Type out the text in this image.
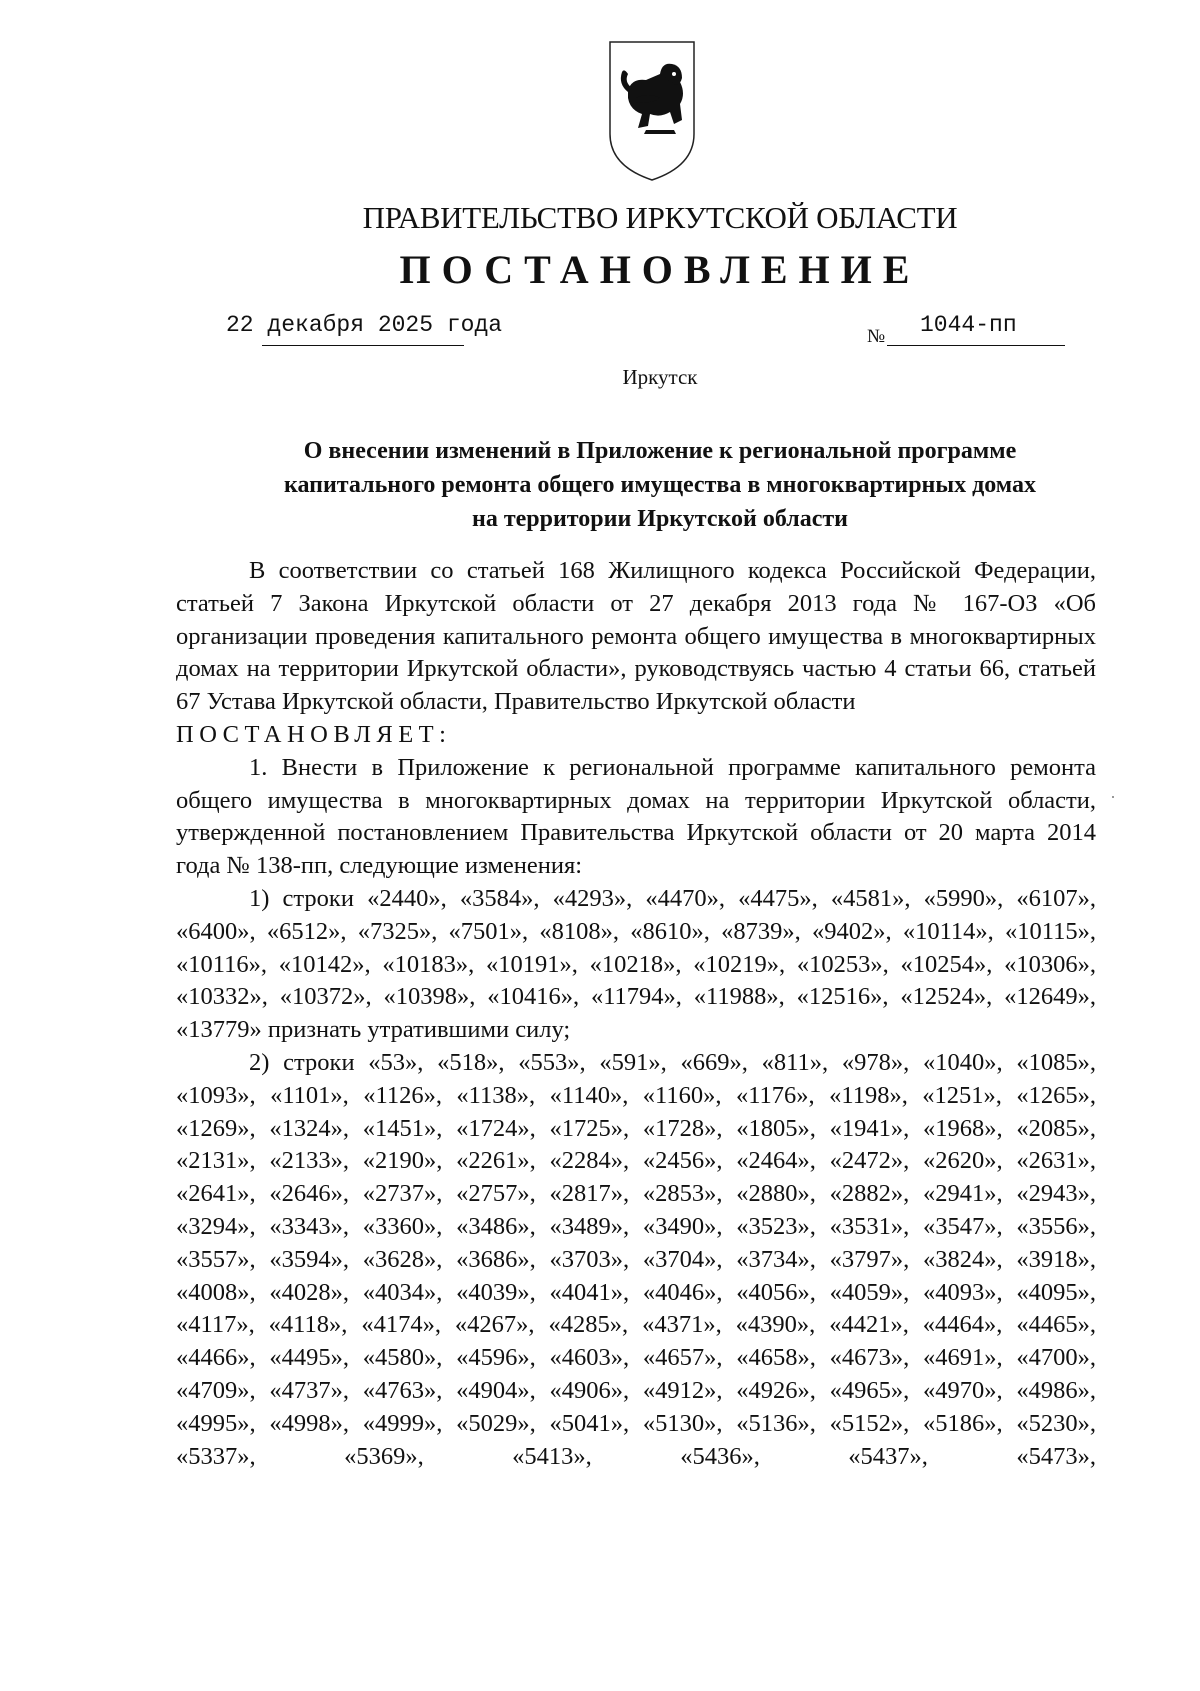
ПРАВИТЕЛЬСТВО ИРКУТСКОЙ ОБЛАСТИ
ПОСТАНОВЛЕНИЕ
22 декабря 2025 года	№ 1044-пп
Иркутск
О внесении изменений в Приложение к региональной программе
капитального ремонта общего имущества в многоквартирных домах
на территории Иркутской области

В соответствии со статьей 168 Жилищного кодекса Российской Федерации, статьей 7 Закона Иркутской области от 27 декабря 2013 года № 167-ОЗ «Об организации проведения капитального ремонта общего имущества в многоквартирных домах на территории Иркутской области», руководствуясь частью 4 статьи 66, статьей 67 Устава Иркутской области, Правительство Иркутской области

ПОСТАНОВЛЯЕТ:

1. Внести в Приложение к региональной программе капитального ремонта общего имущества в многоквартирных домах на территории Иркутской области, утвержденной постановлением Правительства Иркутской области от 20 марта 2014 года № 138-пп, следующие изменения:

1) строки «2440», «3584», «4293», «4470», «4475», «4581», «5990», «6107», «6400», «6512», «7325», «7501», «8108», «8610», «8739», «9402», «10114», «10115», «10116», «10142», «10183», «10191», «10218», «10219», «10253», «10254», «10306», «10332», «10372», «10398», «10416», «11794», «11988», «12516», «12524», «12649», «13779» признать утратившими силу;

2) строки «53», «518», «553», «591», «669», «811», «978», «1040», «1085», «1093», «1101», «1126», «1138», «1140», «1160», «1176», «1198», «1251», «1265», «1269», «1324», «1451», «1724», «1725», «1728», «1805», «1941», «1968», «2085», «2131», «2133», «2190», «2261», «2284», «2456», «2464», «2472», «2620», «2631», «2641», «2646», «2737», «2757», «2817», «2853», «2880», «2882», «2941», «2943», «3294», «3343», «3360», «3486», «3489», «3490», «3523», «3531», «3547», «3556», «3557», «3594», «3628», «3686», «3703», «3704», «3734», «3797», «3824», «3918», «4008», «4028», «4034», «4039», «4041», «4046», «4056», «4059», «4093», «4095», «4117», «4118», «4174», «4267», «4285», «4371», «4390», «4421», «4464», «4465», «4466», «4495», «4580», «4596», «4603», «4657», «4658», «4673», «4691», «4700», «4709», «4737», «4763», «4904», «4906», «4912», «4926», «4965», «4970», «4986», «4995», «4998», «4999», «5029», «5041», «5130», «5136», «5152», «5186», «5230», «5337», «5369», «5413», «5436», «5437», «5473»,
